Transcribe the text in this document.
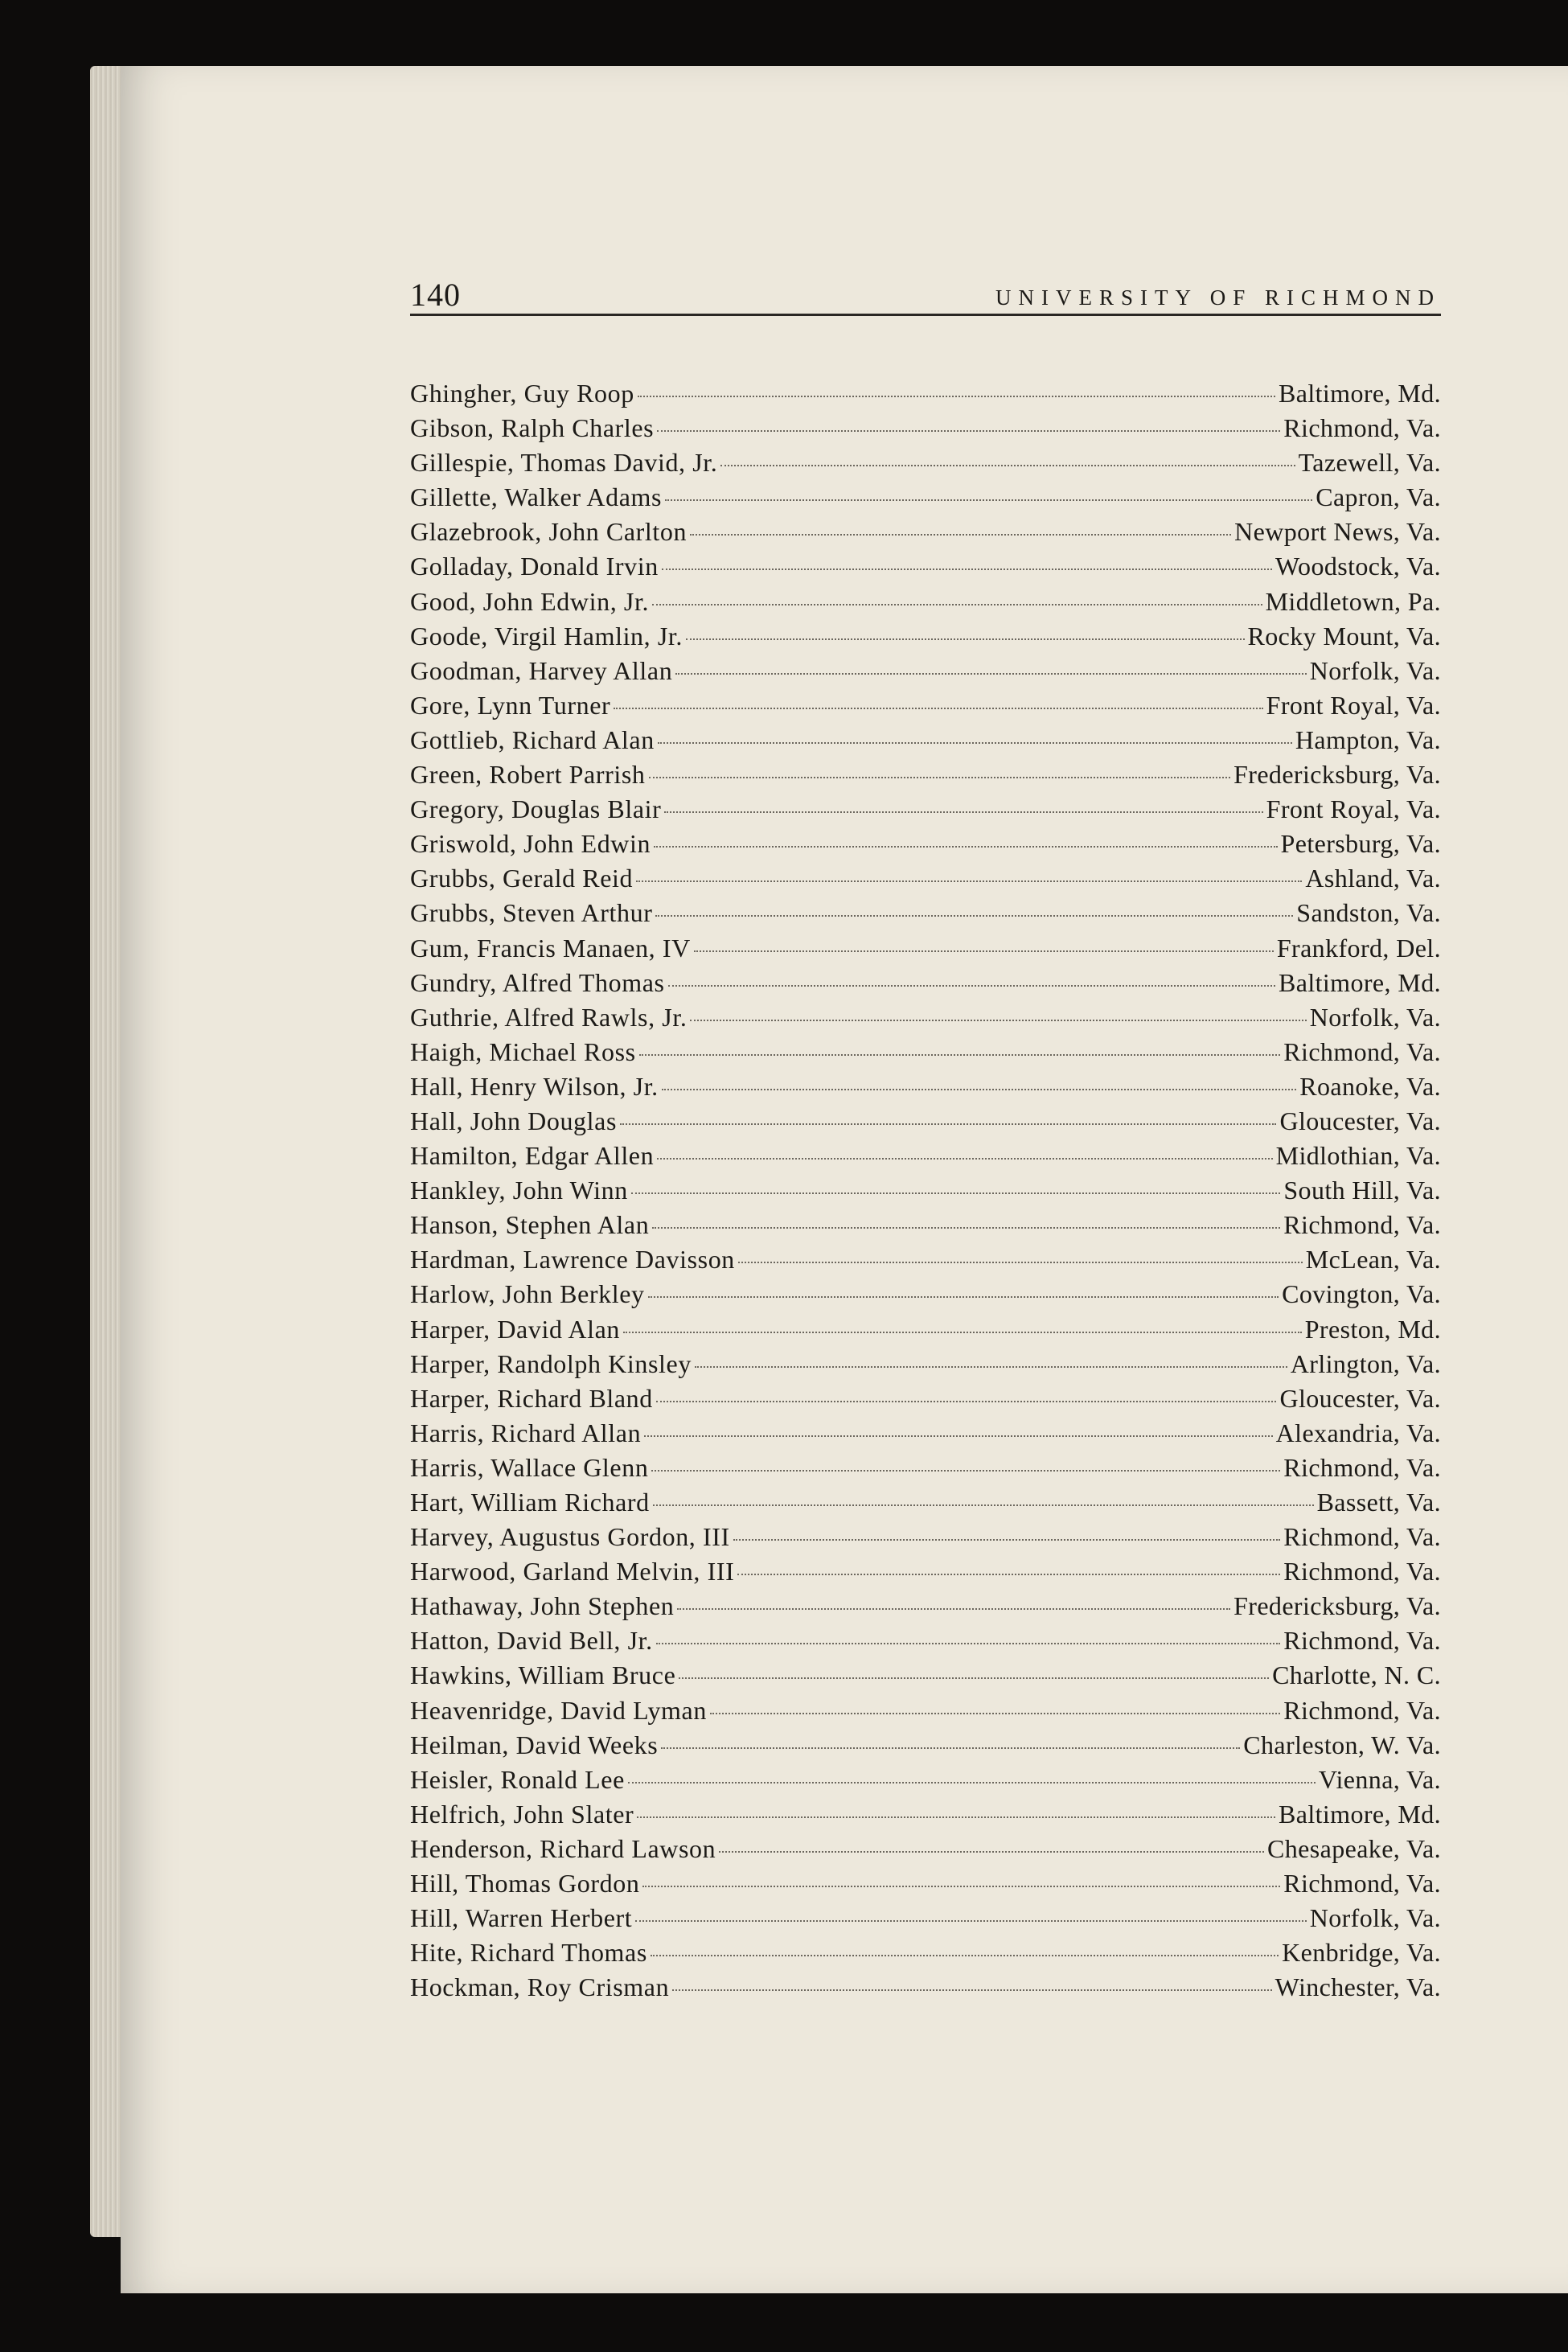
140	UNIVERSITY OF RICHMOND
Ghingher, Guy Roop	Baltimore, Md.
Gibson, Ralph Charles	Richmond, Va.
Gillespie, Thomas David, Jr.	Tazewell, Va.
Gillette, Walker Adams	Capron, Va.
Glazebrook, John Carlton	Newport News, Va.
Golladay, Donald Irvin	Woodstock, Va.
Good, John Edwin, Jr.	Middletown, Pa.
Goode, Virgil Hamlin, Jr.	Rocky Mount, Va.
Goodman, Harvey Allan	Norfolk, Va.
Gore, Lynn Turner	Front Royal, Va.
Gottlieb, Richard Alan	Hampton, Va.
Green, Robert Parrish	Fredericksburg, Va.
Gregory, Douglas Blair	Front Royal, Va.
Griswold, John Edwin	Petersburg, Va.
Grubbs, Gerald Reid	Ashland, Va.
Grubbs, Steven Arthur	Sandston, Va.
Gum, Francis Manaen, IV	Frankford, Del.
Gundry, Alfred Thomas	Baltimore, Md.
Guthrie, Alfred Rawls, Jr.	Norfolk, Va.
Haigh, Michael Ross	Richmond, Va.
Hall, Henry Wilson, Jr.	Roanoke, Va.
Hall, John Douglas	Gloucester, Va.
Hamilton, Edgar Allen	Midlothian, Va.
Hankley, John Winn	South Hill, Va.
Hanson, Stephen Alan	Richmond, Va.
Hardman, Lawrence Davisson	McLean, Va.
Harlow, John Berkley	Covington, Va.
Harper, David Alan	Preston, Md.
Harper, Randolph Kinsley	Arlington, Va.
Harper, Richard Bland	Gloucester, Va.
Harris, Richard Allan	Alexandria, Va.
Harris, Wallace Glenn	Richmond, Va.
Hart, William Richard	Bassett, Va.
Harvey, Augustus Gordon, III	Richmond, Va.
Harwood, Garland Melvin, III	Richmond, Va.
Hathaway, John Stephen	Fredericksburg, Va.
Hatton, David Bell, Jr.	Richmond, Va.
Hawkins, William Bruce	Charlotte, N. C.
Heavenridge, David Lyman	Richmond, Va.
Heilman, David Weeks	Charleston, W. Va.
Heisler, Ronald Lee	Vienna, Va.
Helfrich, John Slater	Baltimore, Md.
Henderson, Richard Lawson	Chesapeake, Va.
Hill, Thomas Gordon	Richmond, Va.
Hill, Warren Herbert	Norfolk, Va.
Hite, Richard Thomas	Kenbridge, Va.
Hockman, Roy Crisman	Winchester, Va.
